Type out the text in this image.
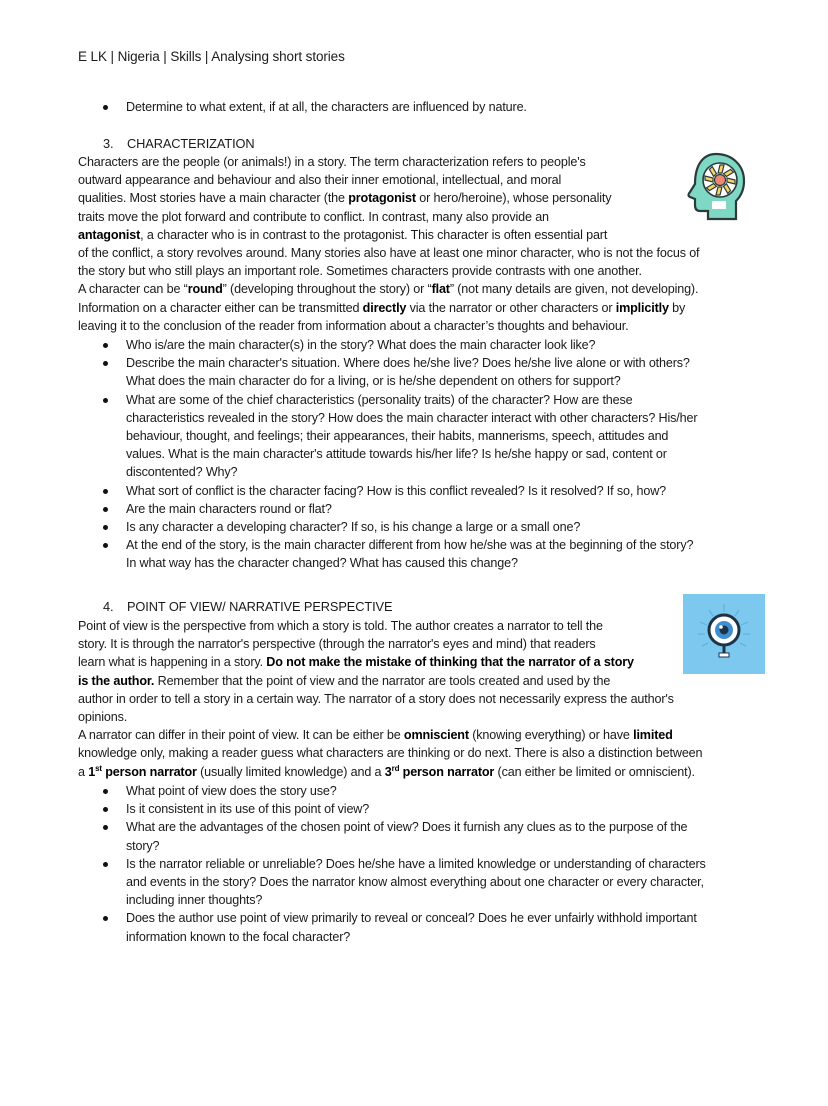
E LK | Nigeria | Skills | Analysing short stories
Determine to what extent, if at all, the characters are influenced by nature.
3. CHARACTERIZATION
Characters are the people (or animals!) in a story. The term characterization refers to people's
outward appearance and behaviour and also their inner emotional, intellectual, and moral
qualities. Most stories have a main character (the protagonist or hero/heroine), whose personality
traits move the plot forward and contribute to conflict. In contrast, many also provide an
antagonist, a character who is in contrast to the protagonist. This character is often essential part
of the conflict, a story revolves around. Many stories also have at least one minor character, who is not the focus of
the story but who still plays an important role. Sometimes characters provide contrasts with one another.
A character can be “round” (developing throughout the story) or “flat” (not many details are given, not developing).
Information on a character either can be transmitted directly via the narrator or other characters or implicitly by
leaving it to the conclusion of the reader from information about a character’s thoughts and behaviour.
Who is/are the main character(s) in the story? What does the main character look like?
Describe the main character's situation. Where does he/she live? Does he/she live alone or with others?
What does the main character do for a living, or is he/she dependent on others for support?
What are some of the chief characteristics (personality traits) of the character? How are these
characteristics revealed in the story? How does the main character interact with other characters? His/her
behaviour, thought, and feelings; their appearances, their habits, mannerisms, speech, attitudes and
values. What is the main character's attitude towards his/her life? Is he/she happy or sad, content or
discontented? Why?
What sort of conflict is the character facing? How is this conflict revealed? Is it resolved? If so, how?
Are the main characters round or flat?
Is any character a developing character? If so, is his change a large or a small one?
At the end of the story, is the main character different from how he/she was at the beginning of the story?
In what way has the character changed? What has caused this change?
4. POINT OF VIEW/ NARRATIVE PERSPECTIVE
Point of view is the perspective from which a story is told. The author creates a narrator to tell the
story. It is through the narrator's perspective (through the narrator's eyes and mind) that readers
learn what is happening in a story. Do not make the mistake of thinking that the narrator of a story
is the author. Remember that the point of view and the narrator are tools created and used by the
author in order to tell a story in a certain way. The narrator of a story does not necessarily express the author's
opinions.
A narrator can differ in their point of view. It can be either be omniscient (knowing everything) or have limited
knowledge only, making a reader guess what characters are thinking or do next. There is also a distinction between
a 1st person narrator (usually limited knowledge) and a 3rd person narrator (can either be limited or omniscient).
What point of view does the story use?
Is it consistent in its use of this point of view?
What are the advantages of the chosen point of view? Does it furnish any clues as to the purpose of the
story?
Is the narrator reliable or unreliable? Does he/she have a limited knowledge or understanding of characters
and events in the story? Does the narrator know almost everything about one character or every character,
including inner thoughts?
Does the author use point of view primarily to reveal or conceal? Does he ever unfairly withhold important
information known to the focal character?
